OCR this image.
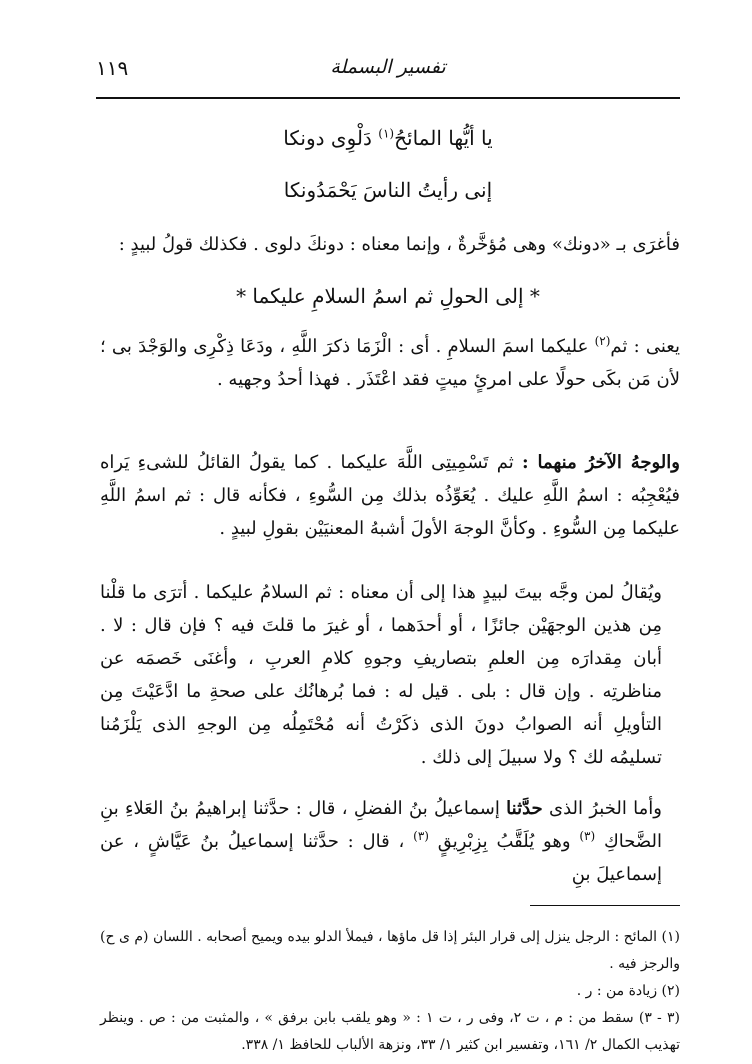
١١٩	تفسير البسملة
يا أيُّها المائحُ$^{(١)}$ دَلْوِى دونكا
إنى رأيتُ الناسَ يَحْمَدُونكا

فأغرَى بـ «دونك» وهى مُؤخَّرةٌ ، وإنما معناه : دونكَ دلوى . فكذلك قولُ لبيدٍ :

* إلى الحولِ ثم اسمُ السلامِ عليكما *

يعنى : ثم$^{(٢)}$ عليكما اسمَ السلامِ . أى : الْزَمَا ذكرَ اللَّهِ ، ودَعَا ذِكْرِى والوَجْدَ بى ؛ لأن مَن بكَى حولًا على امرئٍ ميتٍ فقد اعْتَذَر . فهذا أحدُ وجهيه .

والوجهُ الآخرُ منهما : ثم تَسْمِيتِى اللَّهَ عليكما . كما يقولُ القائلُ للشىءِ يَراه فيُعْجِبُه : اسمُ اللَّهِ عليك . يُعَوِّذُه بذلك مِن السُّوءِ ، فكأنه قال : ثم اسمُ اللَّهِ عليكما مِن السُّوءِ . وكأنَّ الوجهَ الأولَ أشبهُ المعنيَيْن بقولِ لبيدٍ .

ويُقالُ لمن وجَّه بيتَ لبيدٍ هذا إلى أن معناه : ثم السلامُ عليكما . أترَى ما قلْنا مِن هذين الوجهَيْن جائزًا ، أو أحدَهما ، أو غيرَ ما قلتَ فيه ؟ فإن قال : لا . أبان مِقدارَه مِن العلمِ بتصاريفِ وجوهِ كلامِ العربِ ، وأغنَى خَصمَه عن مناظرتِه . وإن قال : بلى . قيل له : فما بُرهانُك على صحةِ ما ادَّعَيْتَ مِن التأويلِ أنه الصوابُ دونَ الذى ذكَرْتُ أنه مُحْتَمِلُه مِن الوجهِ الذى يَلْزَمُنا تسليمُه لك ؟ ولا سبيلَ إلى ذلك .

وأما الخبرُ الذى حدَّثنا إسماعيلُ بنُ الفضلِ ، قال : حدَّثنا إبراهيمُ بنُ العَلاءِ بنِ الضَّحاكِ $^{(٣)}$ وهو يُلَقَّبُ بِزِبْرِيقٍ $^{(٣)}$ ، قال : حدَّثنا إسماعيلُ بنُ عَيَّاشٍ ، عن إسماعيلَ بنِ

(١) المائح : الرجل ينزل إلى قرار البئر إذا قل ماؤها ، فيملأ الدلو بيده ويميح أصحابه . اللسان (م ى ح) والرجز فيه .
(٢) زيادة من : ر .
(٣ - ٣) سقط من : م ، ت ٢، وفى ر ، ت ١ : « وهو يلقب بابن برفق » ، والمثبت من : ص . وينظر تهذيب الكمال ٢/ ١٦١، وتفسير ابن كثير ١/ ٣٣، ونزهة الألباب للحافظ ١/ ٣٣٨.
